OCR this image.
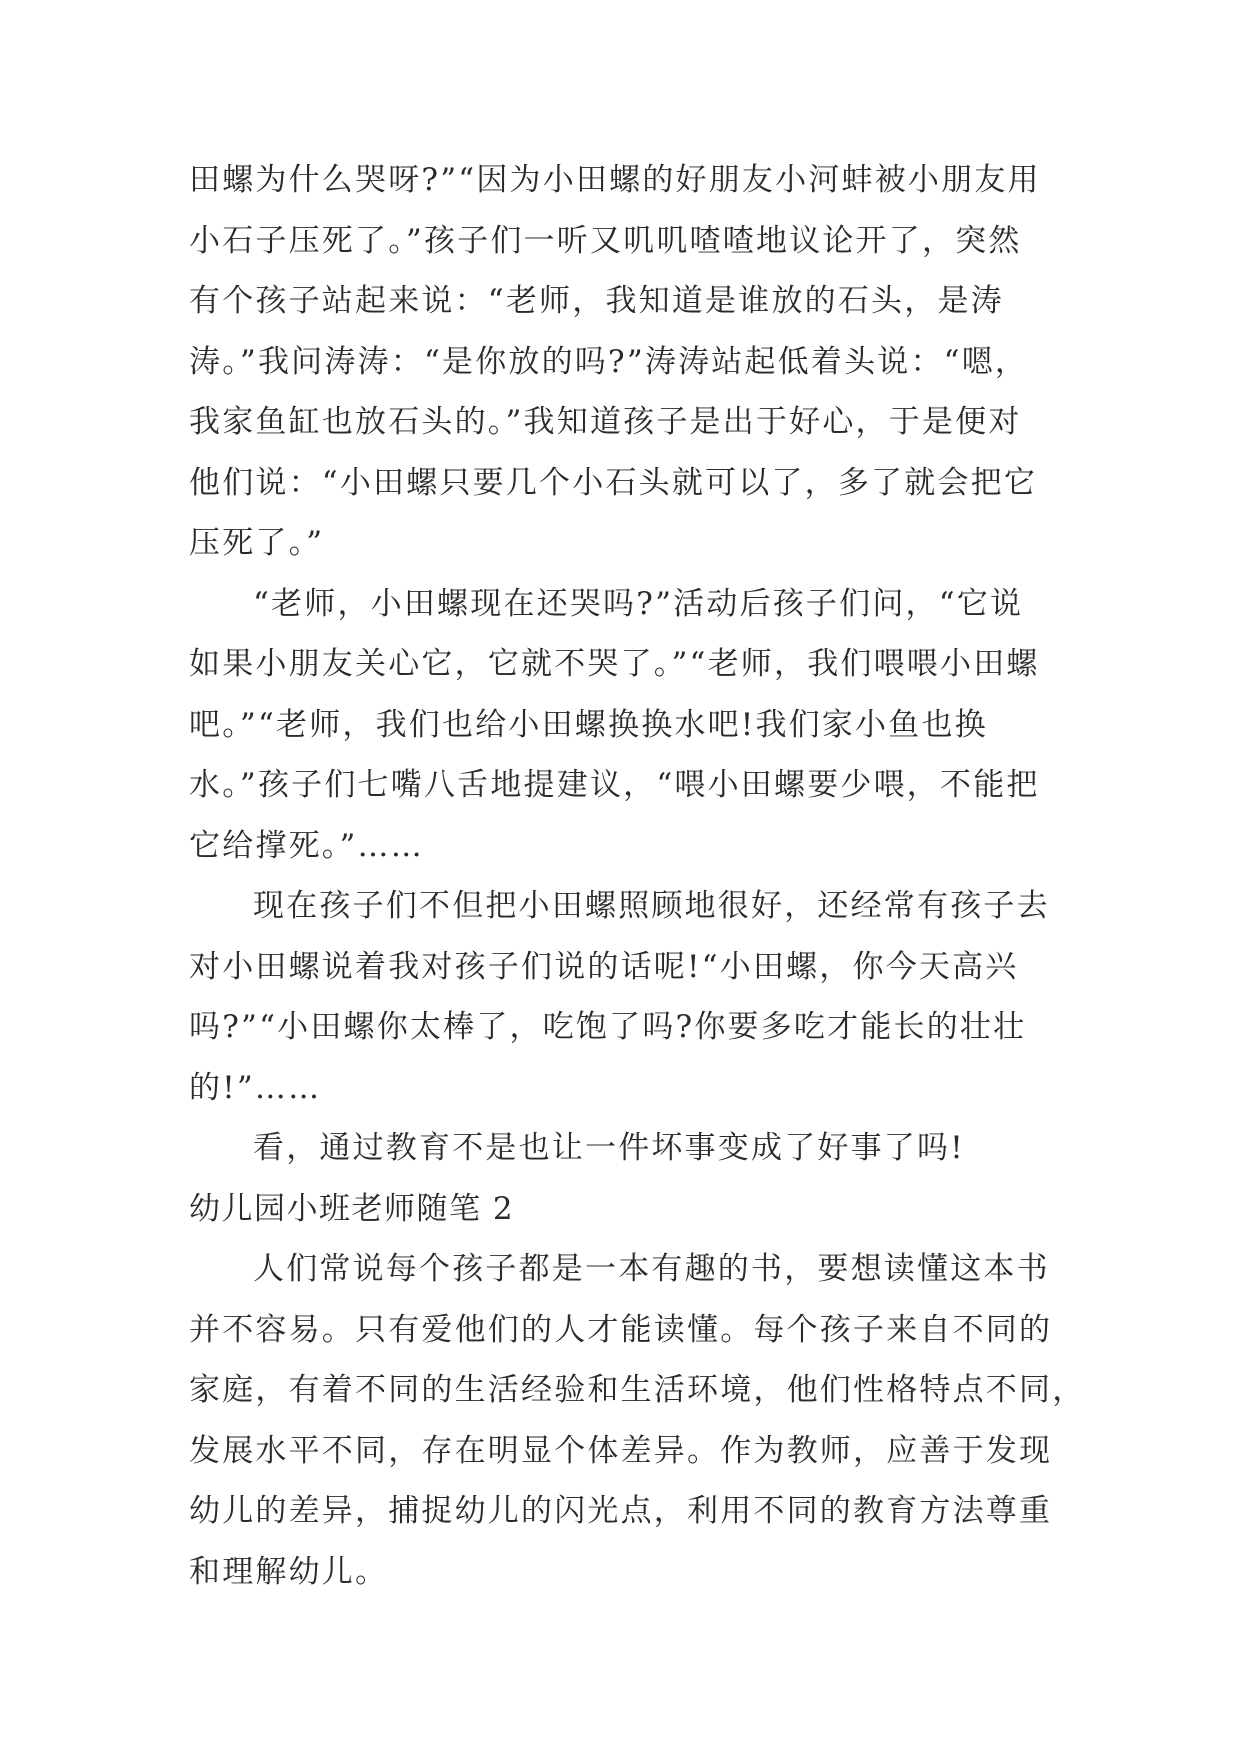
田螺为什么哭呀?”“因为小田螺的好朋友小河蚌被小朋友用
小石子压死了。”孩子们一听又叽叽喳喳地议论开了，突然
有个孩子站起来说：“老师，我知道是谁放的石头，是涛
涛。”我问涛涛：“是你放的吗?”涛涛站起低着头说：“嗯，
我家鱼缸也放石头的。”我知道孩子是出于好心，于是便对
他们说：“小田螺只要几个小石头就可以了，多了就会把它
压死了。”

“老师，小田螺现在还哭吗?”活动后孩子们问，“它说
如果小朋友关心它，它就不哭了。”“老师，我们喂喂小田螺
吧。”“老师，我们也给小田螺换换水吧!我们家小鱼也换
水。”孩子们七嘴八舌地提建议，“喂小田螺要少喂，不能把
它给撑死。”……

现在孩子们不但把小田螺照顾地很好，还经常有孩子去
对小田螺说着我对孩子们说的话呢!“小田螺，你今天高兴
吗?”“小田螺你太棒了，吃饱了吗?你要多吃才能长的壮壮
的!”……

看，通过教育不是也让一件坏事变成了好事了吗!

幼儿园小班老师随笔 2

人们常说每个孩子都是一本有趣的书，要想读懂这本书
并不容易。只有爱他们的人才能读懂。每个孩子来自不同的
家庭，有着不同的生活经验和生活环境，他们性格特点不同，
发展水平不同，存在明显个体差异。作为教师，应善于发现
幼儿的差异，捕捉幼儿的闪光点，利用不同的教育方法尊重
和理解幼儿。
